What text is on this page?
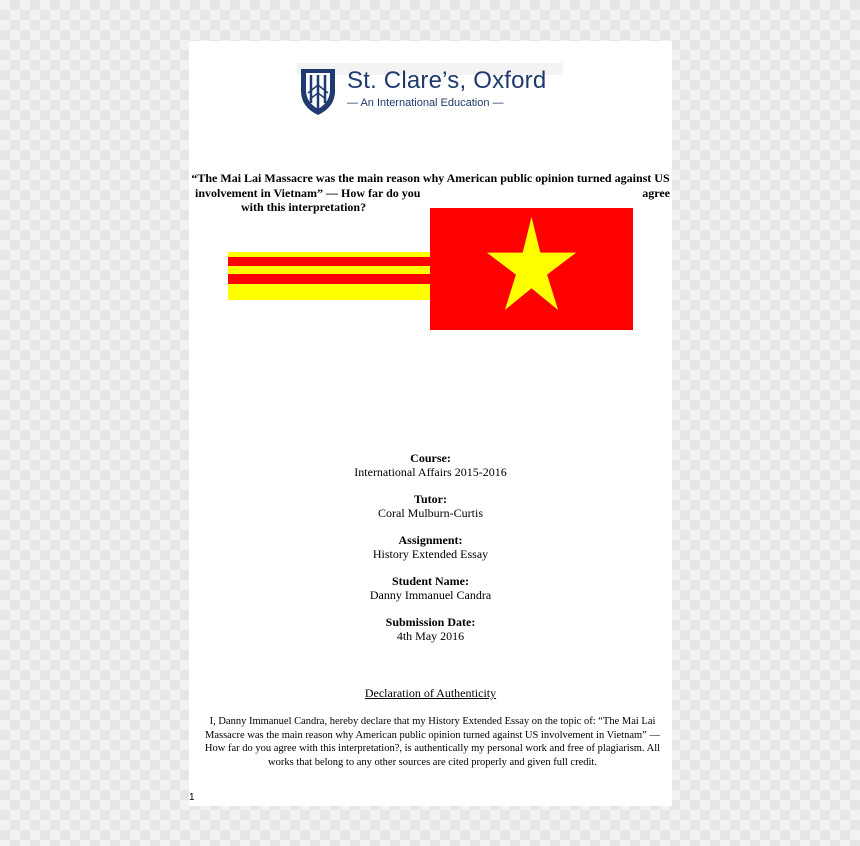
St. Clare’s, Oxford
— An International Education —
“The Mai Lai Massacre was the main reason why American public opinion turned against US
involvement in Vietnam” — How far do you	agree
with this interpretation?
Course:
International Affairs 2015-2016
Tutor:
Coral Mulburn-Curtis
Assignment:
History Extended Essay
Student Name:
Danny Immanuel Candra
Submission Date:
4th May 2016
Declaration of Authenticity
I, Danny Immanuel Candra, hereby declare that my History Extended Essay on the topic of: “The Mai Lai Massacre was the main reason why American public opinion turned against US involvement in Vietnam” — How far do you agree with this interpretation?, is authentically my personal work and free of plagiarism. All works that belong to any other sources are cited properly and given full credit.
1
